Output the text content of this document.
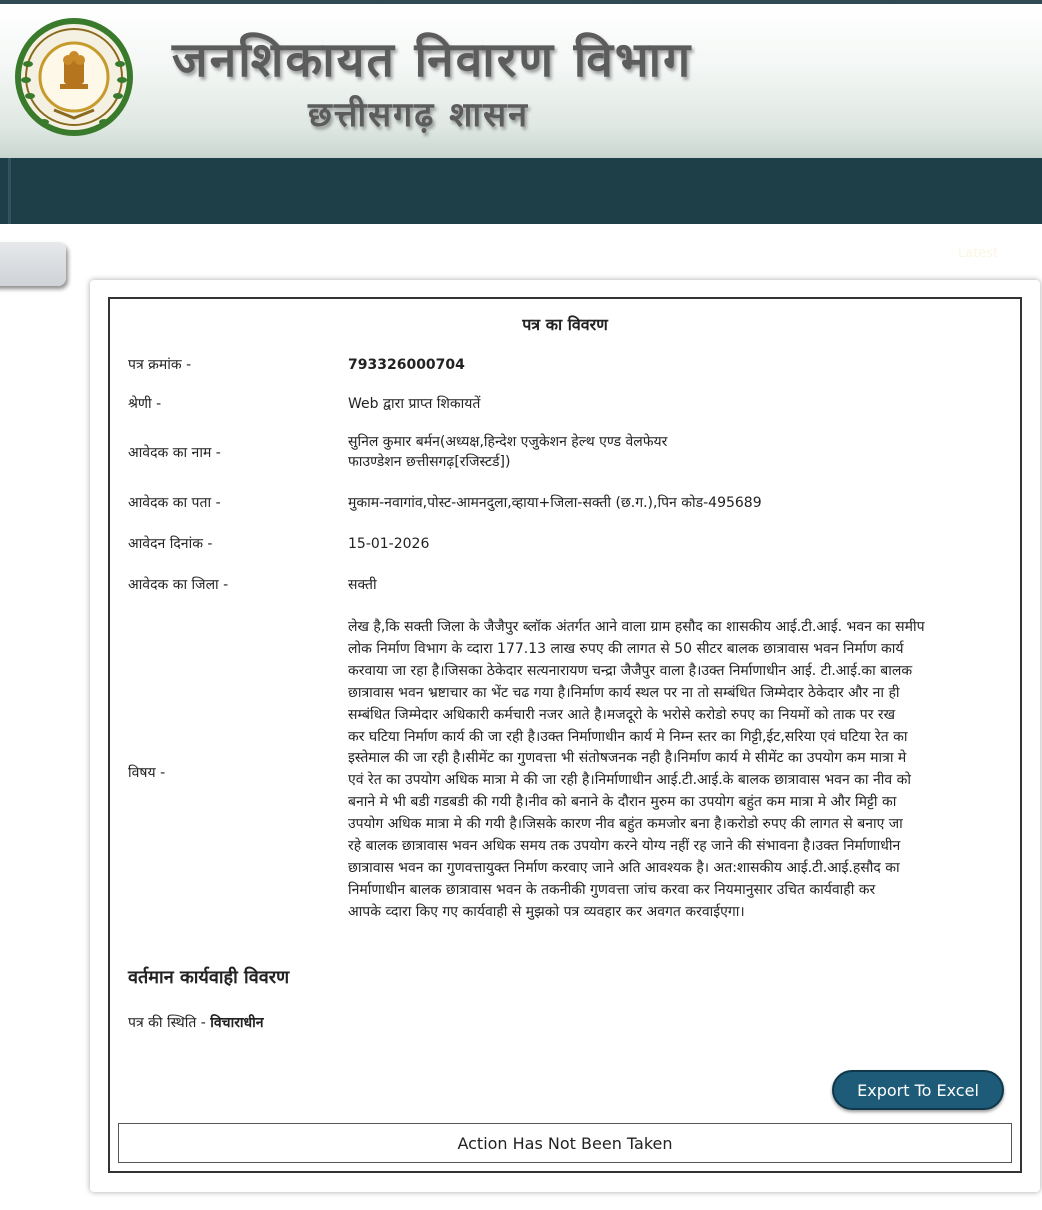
जनशिकायत निवारण विभाग
छत्तीसगढ़ शासन
Latest
पत्र का विवरण
पत्र क्रमांक -	793326000704
श्रेणी -	Web द्वारा प्राप्त शिकायतें
आवेदक का नाम -
सुनिल कुमार बर्मन(अध्यक्ष,हिन्देश एजुकेशन हेल्थ एण्ड वेलफेयर
फाउण्डेशन छत्तीसगढ़[रजिस्टर्ड])
आवेदक का पता -	मुकाम-नवागांव,पोस्ट-आमनदुला,व्हाया+जिला-सक्ती (छ.ग.),पिन कोड-495689
आवेदन दिनांक -	15-01-2026
आवेदक का जिला -	सक्ती
विषय -
लेख है,कि सक्ती जिला के जैजैपुर ब्लॉक अंतर्गत आने वाला ग्राम हसौद का शासकीय आई.टी.आई. भवन का समीप
लोक निर्माण विभाग के व्दारा 177.13 लाख रुपए की लागत से 50 सीटर बालक छात्रावास भवन निर्माण कार्य
करवाया जा रहा है।जिसका ठेकेदार सत्यनारायण चन्द्रा जैजैपुर वाला है।उक्त निर्माणाधीन आई. टी.आई.का बालक
छात्रावास भवन भ्रष्टाचार का भेंट चढ गया है।निर्माण कार्य स्थल पर ना तो सम्बंधित जिम्मेदार ठेकेदार और ना ही
सम्बंधित जिम्मेदार अधिकारी कर्मचारी नजर आते है।मजदूरो के भरोसे करोडो रुपए का नियमों को ताक पर रख
कर घटिया निर्माण कार्य की जा रही है।उक्त निर्माणाधीन कार्य मे निम्न स्तर का गिट्टी,ईट,सरिया एवं घटिया रेत का
इस्तेमाल की जा रही है।सीमेंट का गुणवत्ता भी संतोषजनक नही है।निर्माण कार्य मे सीमेंट का उपयोग कम मात्रा मे
एवं रेत का उपयोग अधिक मात्रा मे की जा रही है।निर्माणाधीन आई.टी.आई.के बालक छात्रावास भवन का नीव को
बनाने मे भी बडी गडबडी की गयी है।नीव को बनाने के दौरान मुरुम का उपयोग बहुंत कम मात्रा मे और मिट्टी का
उपयोग अधिक मात्रा मे की गयी है।जिसके कारण नीव बहुंत कमजोर बना है।करोडो रुपए की लागत से बनाए जा
रहे बालक छात्रावास भवन अधिक समय तक उपयोग करने योग्य नहीं रह जाने की संभावना है।उक्त निर्माणाधीन
छात्रावास भवन का गुणवत्तायुक्त निर्माण करवाए जाने अति आवश्यक है। अत:शासकीय आई.टी.आई.हसौद का
निर्माणाधीन बालक छात्रावास भवन के तकनीकी गुणवत्ता जांच करवा कर नियमानुसार उचित कार्यवाही कर
आपके व्दारा किए गए कार्यवाही से मुझको पत्र व्यवहार कर अवगत करवाईएगा।
वर्तमान कार्यवाही विवरण
पत्र की स्थिति - विचाराधीन
Export To Excel
Action Has Not Been Taken
